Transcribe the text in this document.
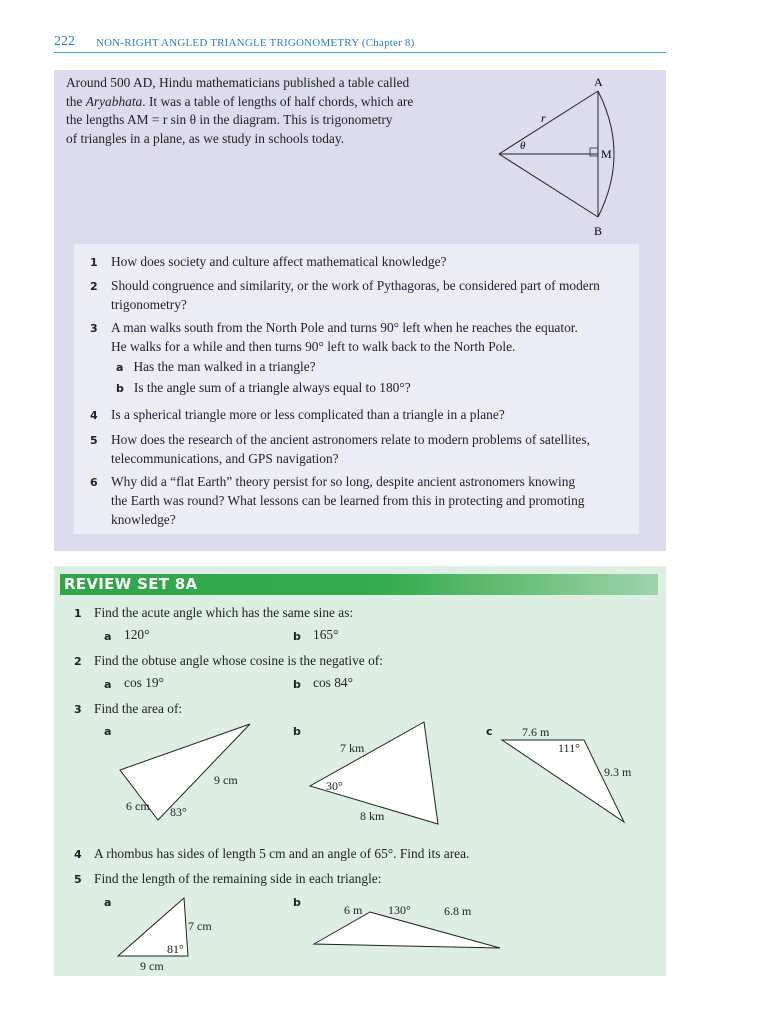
222 NON-RIGHT ANGLED TRIANGLE TRIGONOMETRY (Chapter 8)
Around 500 AD, Hindu mathematicians published a table called
the Aryabhata. It was a table of lengths of half chords, which are
the lengths AM = r sin θ in the diagram. This is trigonometry
of triangles in a plane, as we study in schools today.
A
B
M
r
θ
1 How does society and culture affect mathematical knowledge?
2 Should congruence and similarity, or the work of Pythagoras, be considered part of modern
trigonometry?
3 A man walks south from the North Pole and turns 90° left when he reaches the equator.
He walks for a while and then turns 90° left to walk back to the North Pole.
a Has the man walked in a triangle?
b Is the angle sum of a triangle always equal to 180°?
4 Is a spherical triangle more or less complicated than a triangle in a plane?
5 How does the research of the ancient astronomers relate to modern problems of satellites,
telecommunications, and GPS navigation?
6 Why did a “flat Earth” theory persist for so long, despite ancient astronomers knowing
the Earth was round? What lessons can be learned from this in protecting and promoting
knowledge?
REVIEW SET 8A
1 Find the acute angle which has the same sine as:
a 120°	b 165°
2 Find the obtuse angle whose cosine is the negative of:
a cos 19°	b cos 84°
3 Find the area of:
a	b	c
9 cm
6 cm 83°
7 km
8 km
30°
7.6 m
9.3 m
111°
4 A rhombus has sides of length 5 cm and an angle of 65°. Find its area.
5 Find the length of the remaining side in each triangle:
a	b
7 cm
9 cm
81°
6 m	6.8 m
130°
